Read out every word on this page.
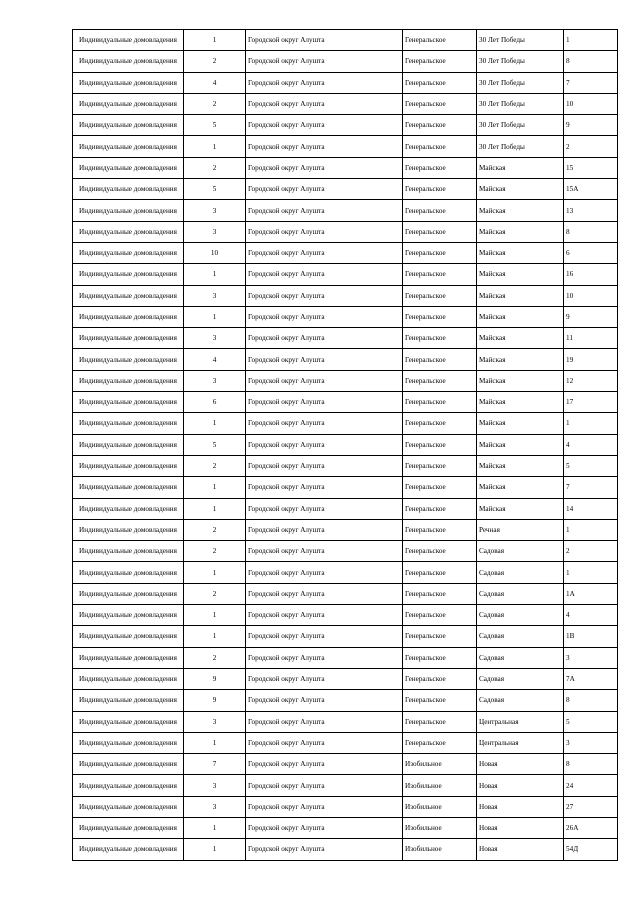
Индивидуальные домовладения	1	Городской округ Алушта	Генеральское	30 Лет Победы	1
Индивидуальные домовладения	2	Городской округ Алушта	Генеральское	30 Лет Победы	8
Индивидуальные домовладения	4	Городской округ Алушта	Генеральское	30 Лет Победы	7
Индивидуальные домовладения	2	Городской округ Алушта	Генеральское	30 Лет Победы	10
Индивидуальные домовладения	5	Городской округ Алушта	Генеральское	30 Лет Победы	9
Индивидуальные домовладения	1	Городской округ Алушта	Генеральское	30 Лет Победы	2
Индивидуальные домовладения	2	Городской округ Алушта	Генеральское	Майская	15
Индивидуальные домовладения	5	Городской округ Алушта	Генеральское	Майская	15А
Индивидуальные домовладения	3	Городской округ Алушта	Генеральское	Майская	13
Индивидуальные домовладения	3	Городской округ Алушта	Генеральское	Майская	8
Индивидуальные домовладения	10	Городской округ Алушта	Генеральское	Майская	6
Индивидуальные домовладения	1	Городской округ Алушта	Генеральское	Майская	16
Индивидуальные домовладения	3	Городской округ Алушта	Генеральское	Майская	10
Индивидуальные домовладения	1	Городской округ Алушта	Генеральское	Майская	9
Индивидуальные домовладения	3	Городской округ Алушта	Генеральское	Майская	11
Индивидуальные домовладения	4	Городской округ Алушта	Генеральское	Майская	19
Индивидуальные домовладения	3	Городской округ Алушта	Генеральское	Майская	12
Индивидуальные домовладения	6	Городской округ Алушта	Генеральское	Майская	17
Индивидуальные домовладения	1	Городской округ Алушта	Генеральское	Майская	1
Индивидуальные домовладения	5	Городской округ Алушта	Генеральское	Майская	4
Индивидуальные домовладения	2	Городской округ Алушта	Генеральское	Майская	5
Индивидуальные домовладения	1	Городской округ Алушта	Генеральское	Майская	7
Индивидуальные домовладения	1	Городской округ Алушта	Генеральское	Майская	14
Индивидуальные домовладения	2	Городской округ Алушта	Генеральское	Речная	1
Индивидуальные домовладения	2	Городской округ Алушта	Генеральское	Садовая	2
Индивидуальные домовладения	1	Городской округ Алушта	Генеральское	Садовая	1
Индивидуальные домовладения	2	Городской округ Алушта	Генеральское	Садовая	1А
Индивидуальные домовладения	1	Городской округ Алушта	Генеральское	Садовая	4
Индивидуальные домовладения	1	Городской округ Алушта	Генеральское	Садовая	1В
Индивидуальные домовладения	2	Городской округ Алушта	Генеральское	Садовая	3
Индивидуальные домовладения	9	Городской округ Алушта	Генеральское	Садовая	7А
Индивидуальные домовладения	9	Городской округ Алушта	Генеральское	Садовая	8
Индивидуальные домовладения	3	Городской округ Алушта	Генеральское	Центральная	5
Индивидуальные домовладения	1	Городской округ Алушта	Генеральское	Центральная	3
Индивидуальные домовладения	7	Городской округ Алушта	Изобильное	Новая	8
Индивидуальные домовладения	3	Городской округ Алушта	Изобильное	Новая	24
Индивидуальные домовладения	3	Городской округ Алушта	Изобильное	Новая	27
Индивидуальные домовладения	1	Городской округ Алушта	Изобильное	Новая	26А
Индивидуальные домовладения	1	Городской округ Алушта	Изобильное	Новая	54Д
